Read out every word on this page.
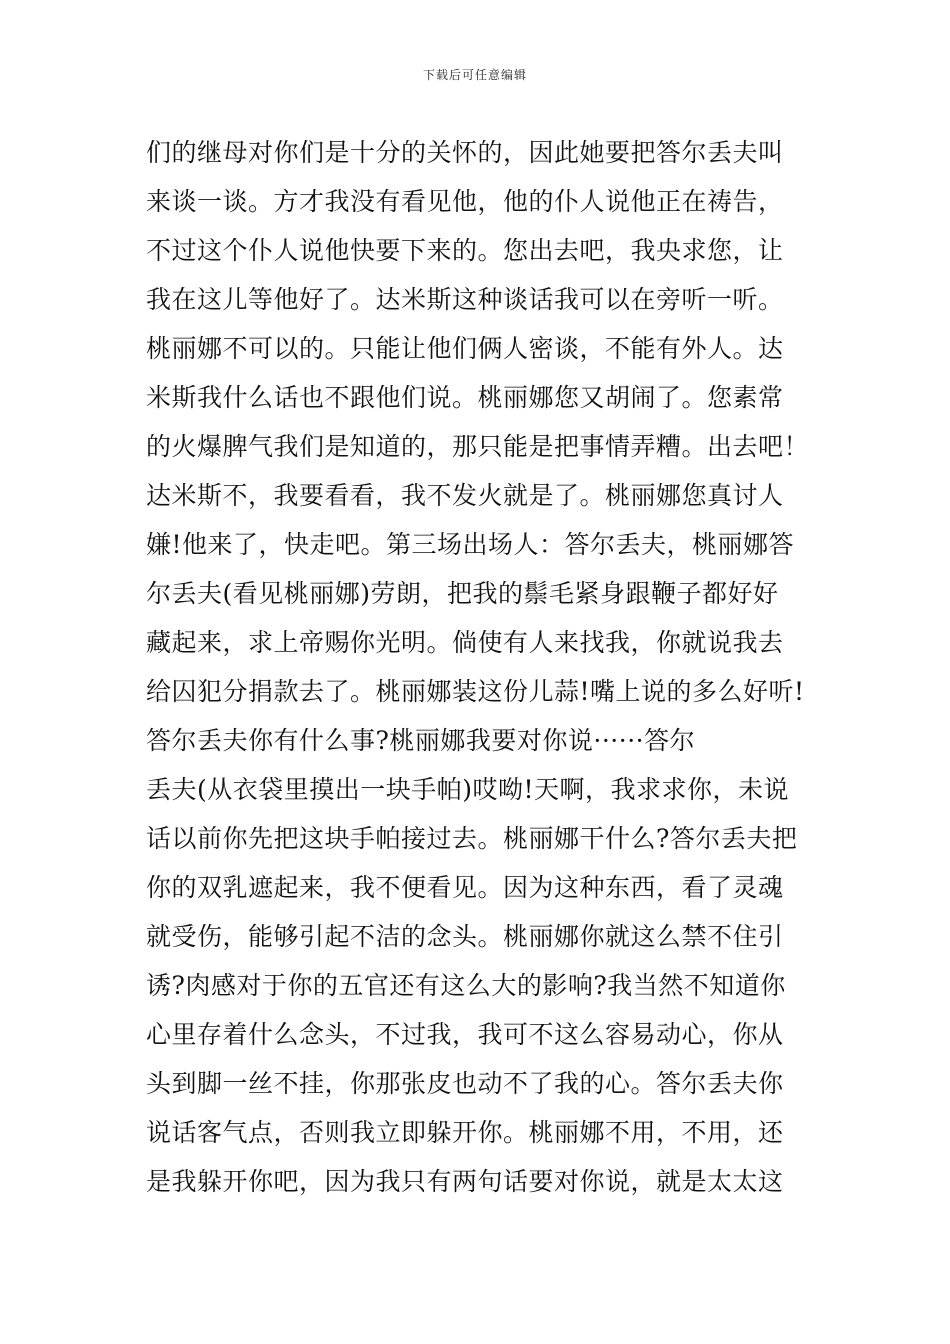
下载后可任意编辑
们的继母对你们是十分的关怀的，因此她要把答尔丢夫叫
来谈一谈。方才我没有看见他，他的仆人说他正在祷告，
不过这个仆人说他快要下来的。您出去吧，我央求您，让
我在这儿等他好了。达米斯这种谈话我可以在旁听一听。
桃丽娜不可以的。只能让他们俩人密谈，不能有外人。达
米斯我什么话也不跟他们说。桃丽娜您又胡闹了。您素常
的火爆脾气我们是知道的，那只能是把事情弄糟。出去吧！
达米斯不，我要看看，我不发火就是了。桃丽娜您真讨人
嫌!他来了，快走吧。第三场出场人：答尔丢夫，桃丽娜答
尔丢夫(看见桃丽娜)劳朗，把我的鬃毛紧身跟鞭子都好好
藏起来，求上帝赐你光明。倘使有人来找我，你就说我去
给囚犯分捐款去了。桃丽娜装这份儿蒜!嘴上说的多么好听!
答尔丢夫你有什么事?桃丽娜我要对你说······答尔
丢夫(从衣袋里摸出一块手帕)哎呦!天啊，我求求你，未说
话以前你先把这块手帕接过去。桃丽娜干什么?答尔丢夫把
你的双乳遮起来，我不便看见。因为这种东西，看了灵魂
就受伤，能够引起不洁的念头。桃丽娜你就这么禁不住引
诱?肉感对于你的五官还有这么大的影响?我当然不知道你
心里存着什么念头，不过我，我可不这么容易动心，你从
头到脚一丝不挂，你那张皮也动不了我的心。答尔丢夫你
说话客气点，否则我立即躲开你。桃丽娜不用，不用，还
是我躲开你吧，因为我只有两句话要对你说，就是太太这
